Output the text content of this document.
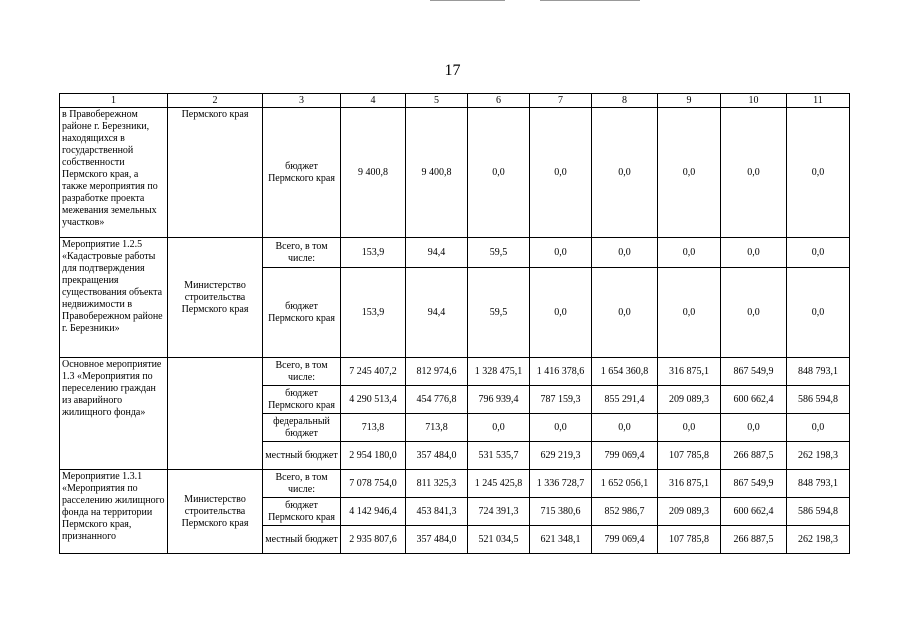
17
1	2	3	4	5	6	7	8	9	10	11
в Правобережном районе г. Березники, находящихся в государственной собственности Пермского края, а также мероприятия по разработке проекта межевания земельных участков»	Пермского края	бюджет Пермского края	9 400,8	9 400,8	0,0	0,0	0,0	0,0	0,0	0,0
Мероприятие 1.2.5 «Кадастровые работы для подтверждения прекращения существования объекта недвижимости в Правобережном районе г. Березники»	Министерство строительства Пермского края	Всего, в том числе:	153,9	94,4	59,5	0,0	0,0	0,0	0,0	0,0
		бюджет Пермского края	153,9	94,4	59,5	0,0	0,0	0,0	0,0	0,0
Основное мероприятие 1.3 «Мероприятия по переселению граждан из аварийного жилищного фонда»		Всего, в том числе:	7 245 407,2	812 974,6	1 328 475,1	1 416 378,6	1 654 360,8	316 875,1	867 549,9	848 793,1
		бюджет Пермского края	4 290 513,4	454 776,8	796 939,4	787 159,3	855 291,4	209 089,3	600 662,4	586 594,8
		федеральный бюджет	713,8	713,8	0,0	0,0	0,0	0,0	0,0	0,0
		местный бюджет	2 954 180,0	357 484,0	531 535,7	629 219,3	799 069,4	107 785,8	266 887,5	262 198,3
Мероприятие 1.3.1 «Мероприятия по расселению жилищного фонда на территории Пермского края, признанного	Министерство строительства Пермского края	Всего, в том числе:	7 078 754,0	811 325,3	1 245 425,8	1 336 728,7	1 652 056,1	316 875,1	867 549,9	848 793,1
		бюджет Пермского края	4 142 946,4	453 841,3	724 391,3	715 380,6	852 986,7	209 089,3	600 662,4	586 594,8
		местный бюджет	2 935 807,6	357 484,0	521 034,5	621 348,1	799 069,4	107 785,8	266 887,5	262 198,3
